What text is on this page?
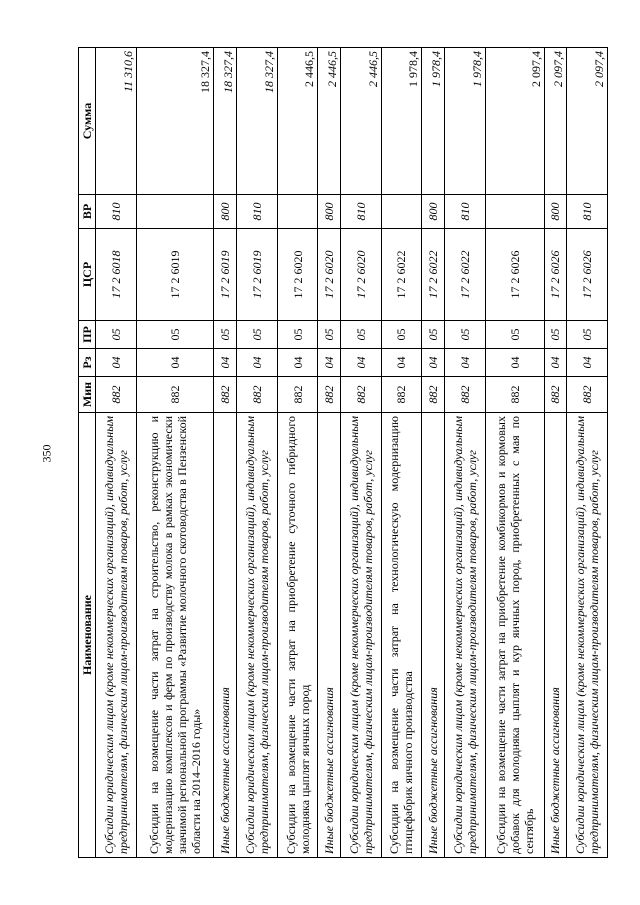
350
Наименование	Мин	Рз	ПР	ЦСР	ВР	Сумма
Субсидии юридическим лицам (кроме некоммерческих организаций), индивидуальным предпринимателям, физическим лицам-производителям товаров, работ, услуг	882	04	05	17 2 6018	810	11 310,6
Субсидии на возмещение части затрат на строительство, реконструкцию и модернизацию комплексов и ферм по производству молока в рамках экономически значимой региональной программы «Развитие молочного скотоводства в Пензенской области на 2014–2016 годы»	882	04	05	17 2 6019		18 327,4
Иные бюджетные ассигнования	882	04	05	17 2 6019	800	18 327,4
Субсидии юридическим лицам (кроме некоммерческих организаций), индивидуальным предпринимателям, физическим лицам-производителям товаров, работ, услуг	882	04	05	17 2 6019	810	18 327,4
Субсидии на возмещение части затрат на приобретение суточного гибридного молодняка цыплят яичных пород	882	04	05	17 2 6020		2 446,5
Иные бюджетные ассигнования	882	04	05	17 2 6020	800	2 446,5
Субсидии юридическим лицам (кроме некоммерческих организаций), индивидуальным предпринимателям, физическим лицам-производителям товаров, работ, услуг	882	04	05	17 2 6020	810	2 446,5
Субсидии на возмещение части затрат на технологическую модернизацию птицефабрик яичного производства	882	04	05	17 2 6022		1 978,4
Иные бюджетные ассигнования	882	04	05	17 2 6022	800	1 978,4
Субсидии юридическим лицам (кроме некоммерческих организаций), индивидуальным предпринимателям, физическим лицам-производителям товаров, работ, услуг	882	04	05	17 2 6022	810	1 978,4
Субсидии на возмещение части затрат на приобретение комбикормов и кормовых добавок для молодняка цыплят и кур яичных пород, приобретенных с мая по сентябрь	882	04	05	17 2 6026		2 097,4
Иные бюджетные ассигнования	882	04	05	17 2 6026	800	2 097,4
Субсидии юридическим лицам (кроме некоммерческих организаций), индивидуальным предпринимателям, физическим лицам-производителям товаров, работ, услуг	882	04	05	17 2 6026	810	2 097,4
